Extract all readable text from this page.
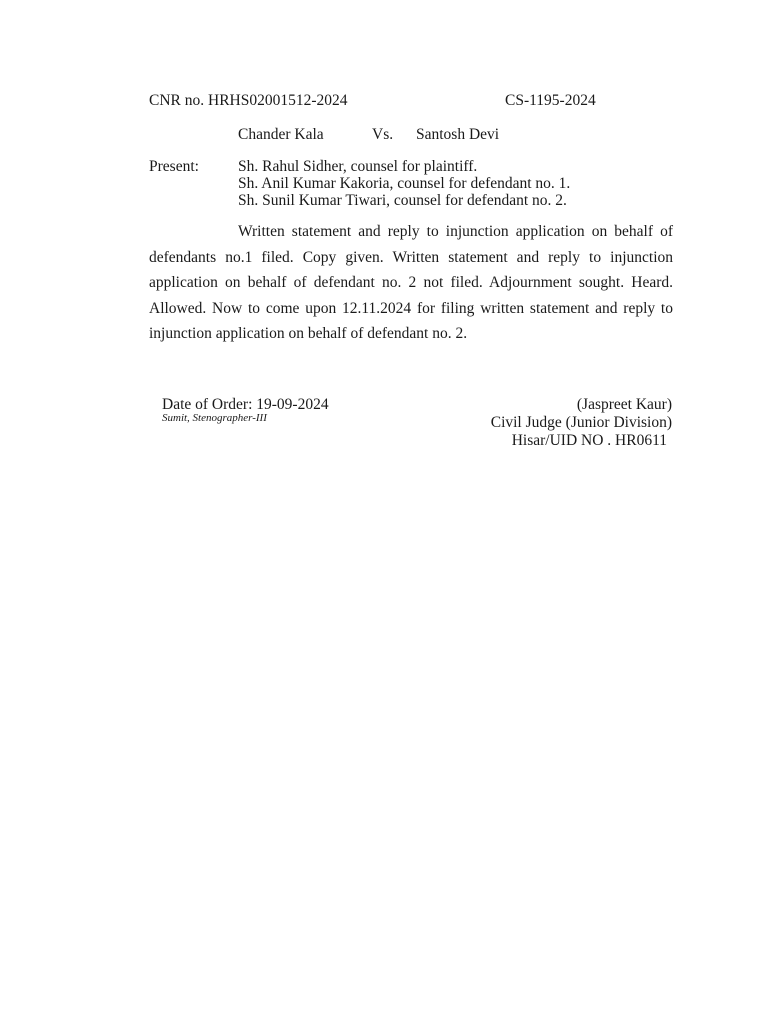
CNR no. HRHS02001512-2024	CS-1195-2024
Chander Kala	Vs. Santosh Devi
Present:	Sh. Rahul Sidher, counsel for plaintiff.
Sh. Anil Kumar Kakoria, counsel for defendant no. 1.
Sh. Sunil Kumar Tiwari, counsel for defendant no. 2.
Written statement and reply to injunction application on behalf of defendants no.1 filed. Copy given. Written statement and reply to injunction application on behalf of defendant no. 2 not filed. Adjournment sought. Heard. Allowed. Now to come upon 12.11.2024 for filing written statement and reply to injunction application on behalf of defendant no. 2.
Date of Order: 19-09-2024
Sumit, Stenographer-III
(Jaspreet Kaur)
Civil Judge (Junior Division)
Hisar/UID NO . HR0611
